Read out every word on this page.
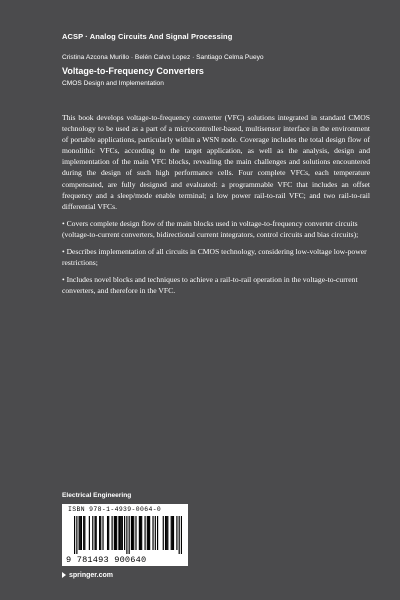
ACSP · Analog Circuits And Signal Processing
Cristina Azcona Murillo · Belén Calvo Lopez · Santiago Celma Pueyo
Voltage-to-Frequency Converters
CMOS Design and Implementation

This book develops voltage-to-frequency converter (VFC) solutions integrated in standard CMOS technology to be used as a part of a microcontroller-based, multisensor interface in the environment of portable applications, particularly within a WSN node. Coverage includes the total design flow of monolithic VFCs, according to the target application, as well as the analysis, design and implementation of the main VFC blocks, revealing the main challenges and solutions encountered during the design of such high performance cells. Four complete VFCs, each temperature compensated, are fully designed and evaluated: a programmable VFC that includes an offset frequency and a sleep/mode enable terminal; a low power rail-to-rail VFC; and two rail-to-rail differential VFCs.

• Covers complete design flow of the main blocks used in voltage-to-frequency converter circuits (voltage-to-current converters, bidirectional current integrators, control circuits and bias circuits);
• Describes implementation of all circuits in CMOS technology, considering low-voltage low-power restrictions;
• Includes novel blocks and techniques to achieve a rail-to-rail operation in the voltage-to-current converters, and therefore in the VFC.
Electrical Engineering
ISBN 978-1-4939-0064-0
9 781493 900640
springer.com
